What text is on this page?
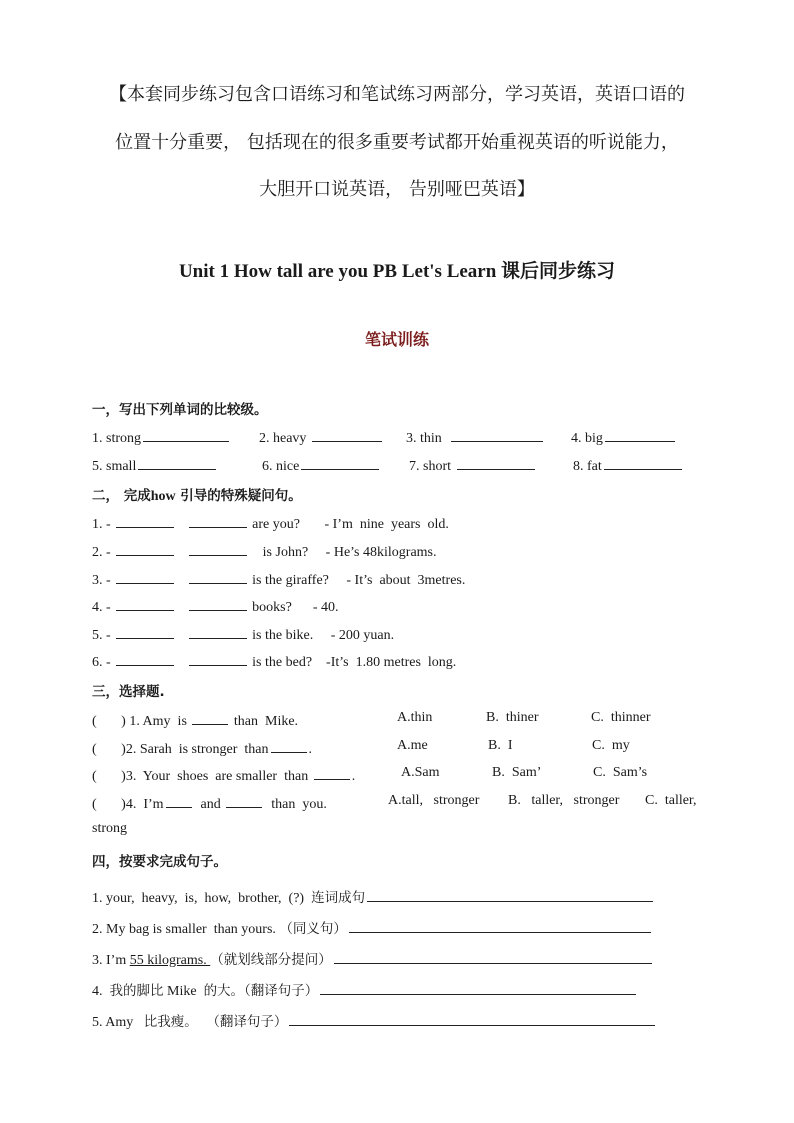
【本套同步练习包含口语练习和笔试练习两部分，学习英语，英语口语的
位置十分重要， 包括现在的很多重要考试都开始重视英语的听说能力，
大胆开口说英语， 告别哑巴英语】
Unit 1 How tall are you PB Let's Learn 课后同步练习
笔试训练
一，写出下列单词的比较级。
1. strong	2. heavy	3. thin	4. big
5. small	6. nice	7. short	8. fat
二， 完成how 引导的特殊疑问句。
1. -	are you? - I’m  nine  years  old.
2. -	is John? - He’s 48kilograms.
3. -	is the giraffe? - It’s  about  3metres.
4. -	books? - 40.
5. -	is the bike. - 200 yuan.
6. -	is the bed? -It’s  1.80 metres  long.
三，选择题.
(       ) 1. Amy  is	than  Mike.	A.thin	B.  thiner	C.  thinner
(       )2. Sarah  is stronger  than	.	A.me	B.  I	C.  my
(       )3.  Your  shoes  are smaller  than	.	A.Sam	B.  Sam’	C.  Sam’s
(       )4.  I’m  and	than  you.	A.tall,   stronger B.   taller,   stronger C.  taller,
strong
四，按要求完成句子。
1. your,  heavy,  is,  how,  brother,  (?)  连词成句
2. My bag is smaller  than yours. （同义句）
3. I’m 55 kilograms. （就划线部分提问）
4.  我的脚比 Mike  的大。（翻译句子）
5. Amy   比我瘦。  （翻译句子）
